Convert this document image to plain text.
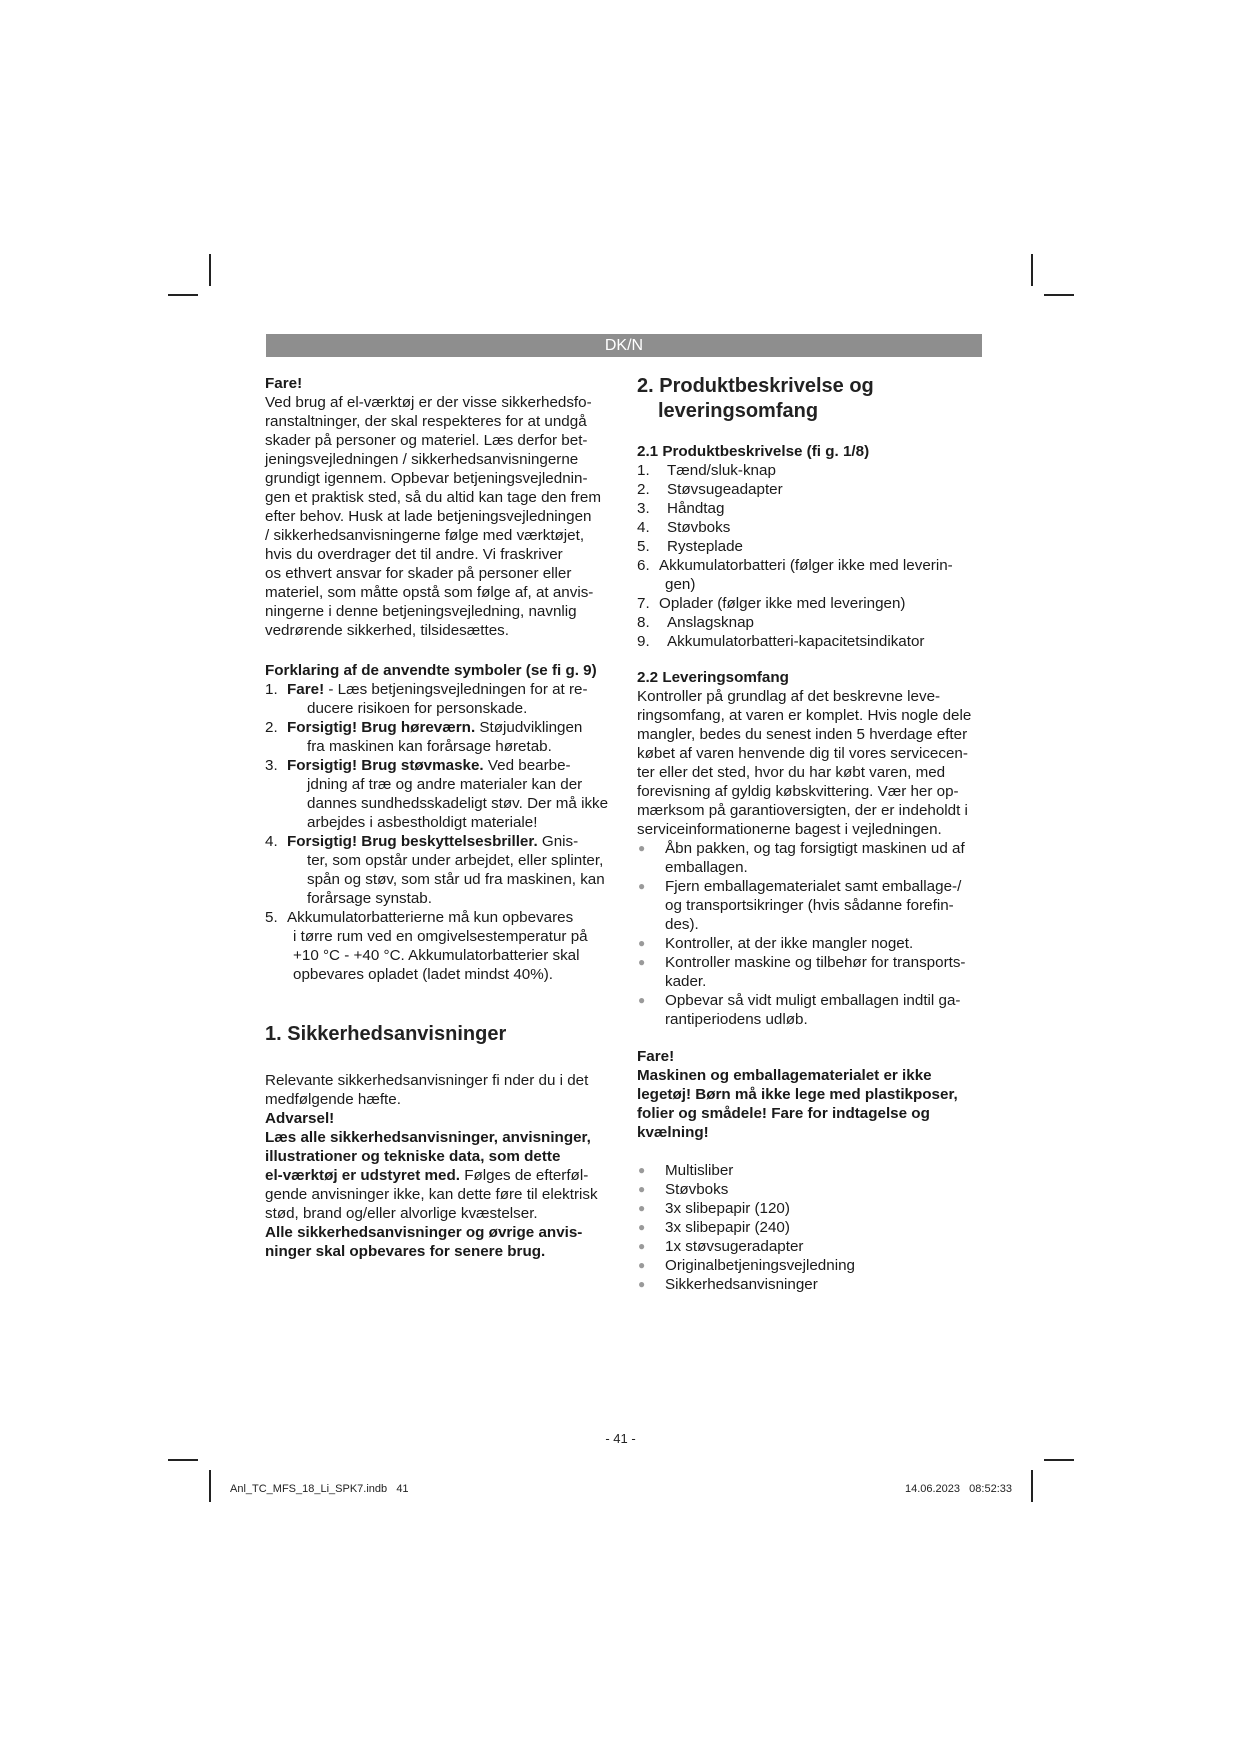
DK/N

Fare!

Ved brug af el-værktøj er der visse sikkerhedsfo-

ranstaltninger, der skal respekteres for at undgå

skader på personer og materiel. Læs derfor bet-

jeningsvejledningen / sikkerhedsanvisningerne

grundigt igennem. Opbevar betjeningsvejlednin-

gen et praktisk sted, så du altid kan tage den frem

efter behov. Husk at lade betjeningsvejledningen

/ sikkerhedsanvisningerne følge med værktøjet,

hvis du overdrager det til andre. Vi fraskriver

os ethvert ansvar for skader på personer eller

materiel, som måtte opstå som følge af, at anvis-

ningerne i denne betjeningsvejledning, navnlig

vedrørende sikkerhed, tilsidesættes.

Forklaring af de anvendte symboler (se fi g. 9)

1. Fare! - Læs betjeningsvejledningen for at re-

ducere risikoen for personskade.

2. Forsigtig! Brug høreværn. Støjudviklingen

fra maskinen kan forårsage høretab.

3. Forsigtig! Brug støvmaske. Ved bearbe-

jdning af træ og andre materialer kan der

dannes sundhedsskadeligt støv. Der må ikke

arbejdes i asbestholdigt materiale!

4. Forsigtig! Brug beskyttelsesbriller. Gnis-

ter, som opstår under arbejdet, eller splinter,

spån og støv, som står ud fra maskinen, kan

forårsage synstab.

5. Akkumulatorbatterierne må kun opbevares

i tørre rum ved en omgivelsestemperatur på

+10 °C - +40 °C. Akkumulatorbatterier skal

opbevares opladet (ladet mindst 40%).

1. Sikkerhedsanvisninger

Relevante sikkerhedsanvisninger fi nder du i det

medfølgende hæfte.

Advarsel!

Læs alle sikkerhedsanvisninger, anvisninger,

illustrationer og tekniske data, som dette

el-værktøj er udstyret med. Følges de efterføl-

gende anvisninger ikke, kan dette føre til elektrisk

stød, brand og/eller alvorlige kvæstelser.

Alle sikkerhedsanvisninger og øvrige anvis-

ninger skal opbevares for senere brug.

2. Produktbeskrivelse og

leveringsomfang

2.1 Produktbeskrivelse (fi g. 1/8)

1. Tænd/sluk-knap
2. Støvsugeadapter
3. Håndtag
4. Støvboks
5. Rysteplade
6. Akkumulatorbatteri (følger ikke med leverin-

gen)

7. Oplader (følger ikke med leveringen)
8. Anslagsknap
9. Akkumulatorbatteri-kapacitetsindikator

2.2 Leveringsomfang

Kontroller på grundlag af det beskrevne leve-

ringsomfang, at varen er komplet. Hvis nogle dele

mangler, bedes du senest inden 5 hverdage efter

købet af varen henvende dig til vores servicecen-

ter eller det sted, hvor du har købt varen, med

forevisning af gyldig købskvittering. Vær her op-

mærksom på garantioversigten, der er indeholdt i

serviceinformationerne bagest i vejledningen.

● Åbn pakken, og tag forsigtigt maskinen ud af

emballagen.

● Fjern emballagematerialet samt emballage-/

og transportsikringer (hvis sådanne forefin-

des).

● Kontroller, at der ikke mangler noget.

● Kontroller maskine og tilbehør for transports-

kader.

● Opbevar så vidt muligt emballagen indtil ga-

rantiperiodens udløb.

Fare!

Maskinen og emballagematerialet er ikke

legetøj! Børn må ikke lege med plastikposer,

folier og smådele! Fare for indtagelse og

kvælning!

● Multisliber
● Støvboks
● 3x slibepapir (120)
● 3x slibepapir (240)
● 1x støvsugeradapter
● Originalbetjeningsvejledning
● Sikkerhedsanvisninger
- 41 -
Anl_TC_MFS_18_Li_SPK7.indb   41	14.06.2023   08:52:33
